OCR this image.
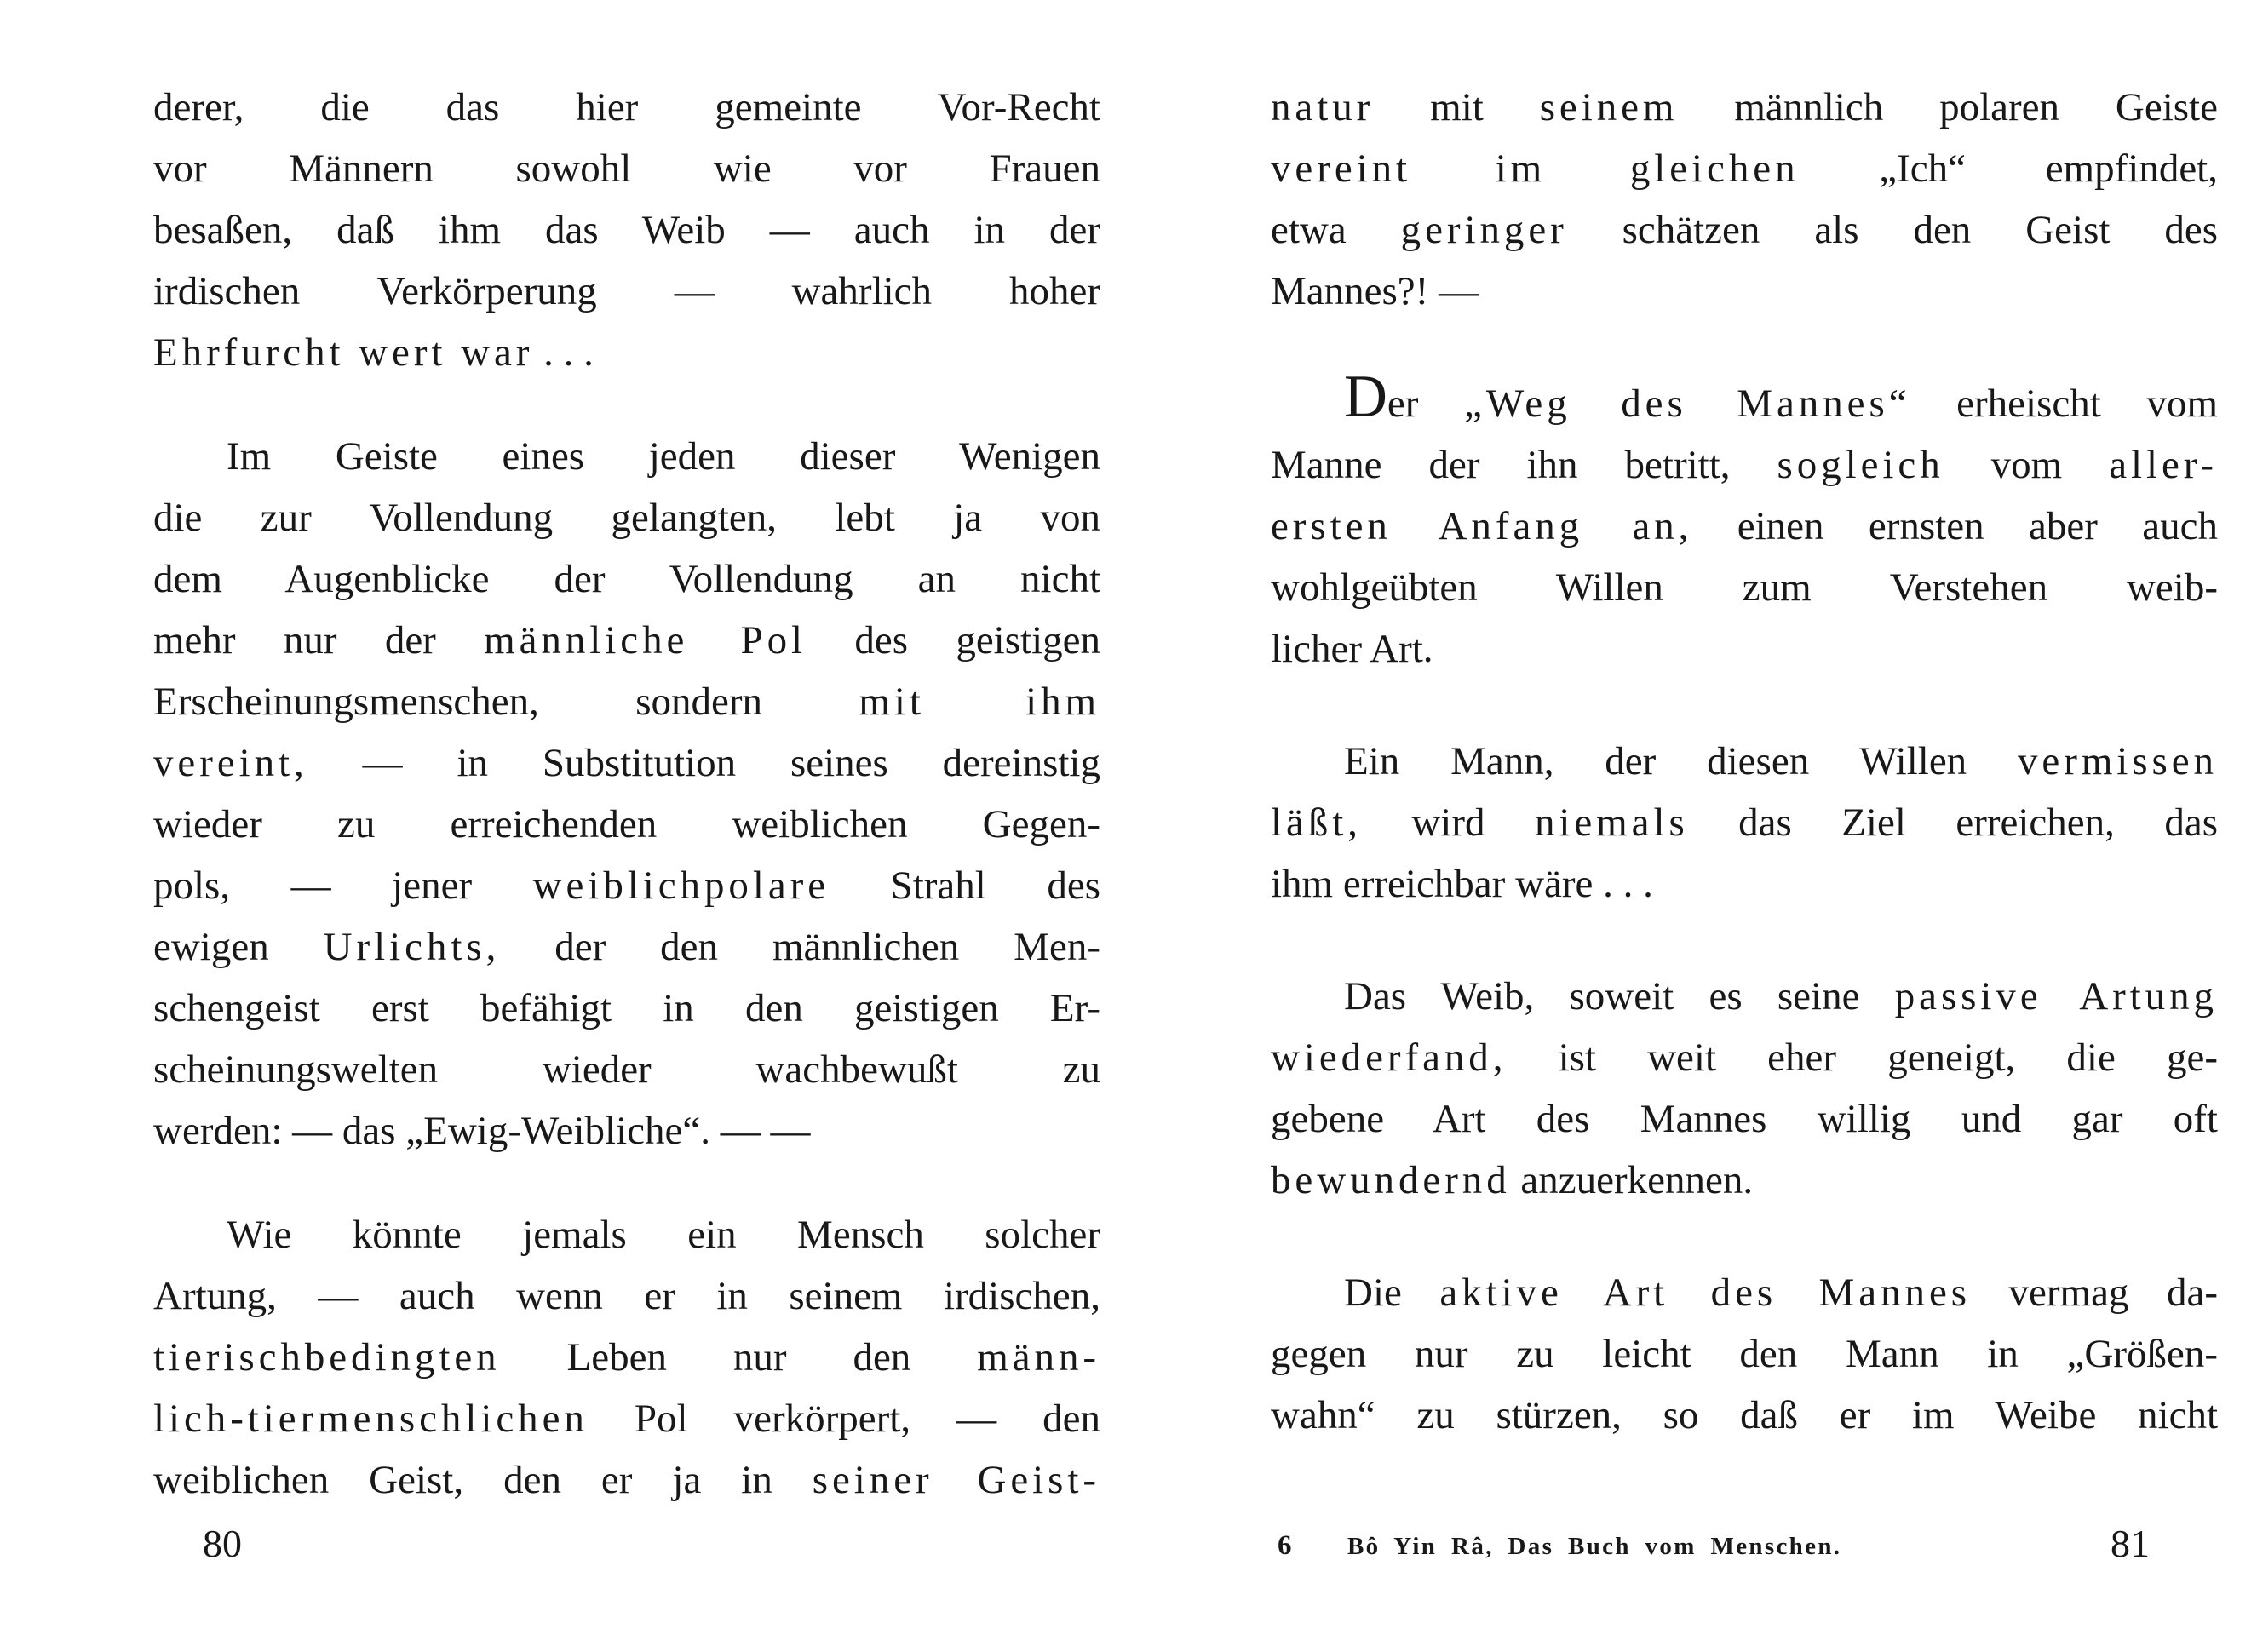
derer, die das hier gemeinte Vor-Recht
vor Männern sowohl wie vor Frauen
besaßen, daß ihm das Weib — auch in der
irdischen Verkörperung — wahrlich hoher
Ehrfurcht wert war . . .
Im Geiste eines jeden dieser Wenigen
die zur Vollendung gelangten, lebt ja von
dem Augenblicke der Vollendung an nicht
mehr nur der männliche Pol des geistigen
Erscheinungsmenschen, sondern mit ihm
vereint, — in Substitution seines dereinstig
wieder zu erreichenden weiblichen Gegen-
pols, — jener weiblichpolare Strahl des
ewigen Urlichts, der den männlichen Men-
schengeist erst befähigt in den geistigen Er-
scheinungswelten wieder wachbewußt zu
werden: — das „Ewig-Weibliche“. — —
Wie könnte jemals ein Mensch solcher
Artung, — auch wenn er in seinem irdischen,
tierischbedingten Leben nur den männ-
lich-tiermenschlichen Pol verkörpert, — den
weiblichen Geist, den er ja in seiner Geist-
80
natur mit seinem männlich polaren Geiste
vereint im gleichen „Ich“ empfindet,
etwa geringer schätzen als den Geist des
Mannes?! —
Der „Weg des Mannes“ erheischt vom
Manne der ihn betritt, sogleich vom aller-
ersten Anfang an, einen ernsten aber auch
wohlgeübten Willen zum Verstehen weib-
licher Art.
Ein Mann, der diesen Willen vermissen
läßt, wird niemals das Ziel erreichen, das
ihm erreichbar wäre . . .
Das Weib, soweit es seine passive Artung
wiederfand, ist weit eher geneigt, die ge-
gebene Art des Mannes willig und gar oft
bewundernd anzuerkennen.
Die aktive Art des Mannes vermag da-
gegen nur zu leicht den Mann in „Größen-
wahn“ zu stürzen, so daß er im Weibe nicht
6 Bô Yin Râ, Das Buch vom Menschen.	81
